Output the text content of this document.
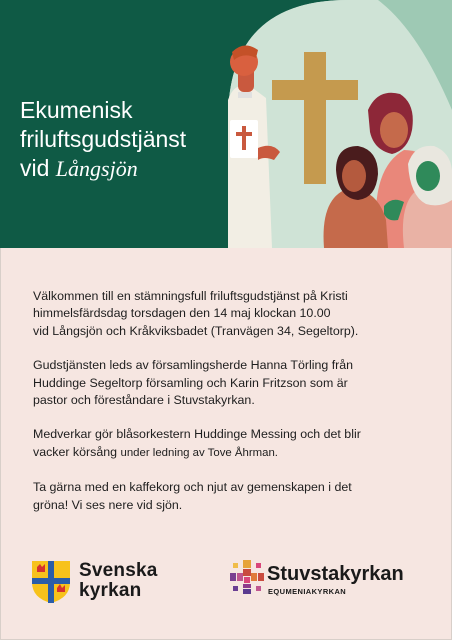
Ekumenisk
friluftsgudstjänst
vid Långsjön

Välkommen till en stämningsfull friluftsgudstjänst på Kristi
himmelsfärdsdag torsdagen den 14 maj klockan 10.00
vid Långsjön och Kråkviksbadet (Tranvägen 34, Segeltorp).

Gudstjänsten leds av församlingsherde Hanna Törling från
Huddinge Segeltorp församling och Karin Fritzson som är
pastor och föreståndare i Stuvstakyrkan.

Medverkar gör blåsorkestern Huddinge Messing och det blir
vacker körsång under ledning av Tove Åhrman.

Ta gärna med en kaffekorg och njut av gemenskapen i det
gröna! Vi ses nere vid sjön.

Svenska
kyrkan
Stuvstakyrkan
EQUMENIAKYRKAN
